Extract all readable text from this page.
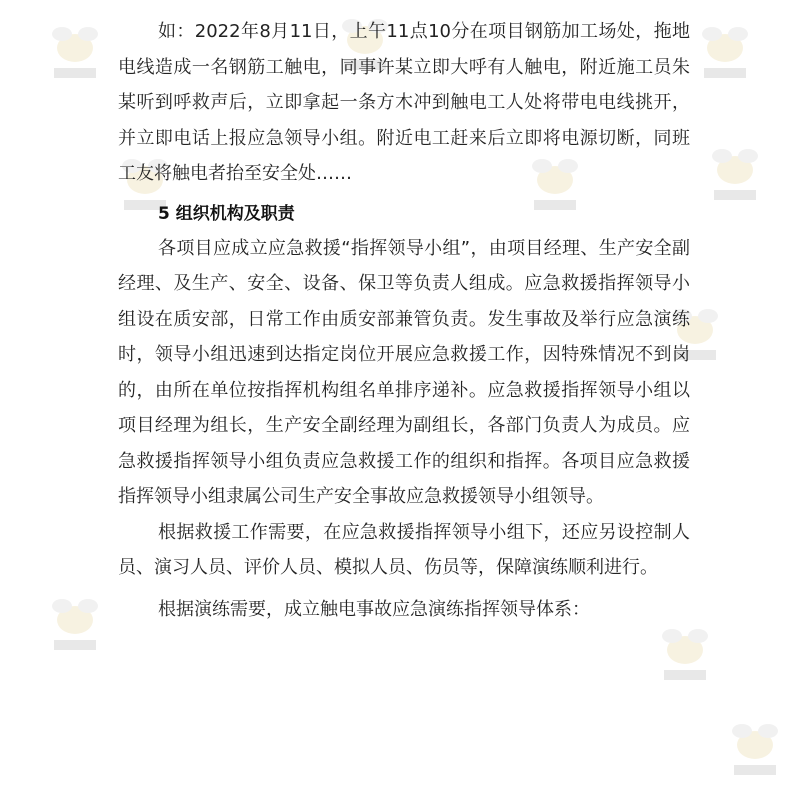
如：2022年8月11日，上午11点10分在项目钢筋加工场处，拖地电线造成一名钢筋工触电，同事许某立即大呼有人触电，附近施工员朱某听到呼救声后，立即拿起一条方木冲到触电工人处将带电电线挑开，并立即电话上报应急领导小组。附近电工赶来后立即将电源切断，同班工友将触电者抬至安全处……

5 组织机构及职责

各项目应成立应急救援“指挥领导小组”，由项目经理、生产安全副经理、及生产、安全、设备、保卫等负责人组成。应急救援指挥领导小组设在质安部，日常工作由质安部兼管负责。发生事故及举行应急演练时，领导小组迅速到达指定岗位开展应急救援工作，因特殊情况不到岗的，由所在单位按指挥机构组名单排序递补。应急救援指挥领导小组以项目经理为组长，生产安全副经理为副组长，各部门负责人为成员。应急救援指挥领导小组负责应急救援工作的组织和指挥。各项目应急救援指挥领导小组隶属公司生产安全事故应急救援领导小组领导。

根据救援工作需要，在应急救援指挥领导小组下，还应另设控制人员、演习人员、评价人员、模拟人员、伤员等，保障演练顺利进行。

根据演练需要，成立触电事故应急演练指挥领导体系：
